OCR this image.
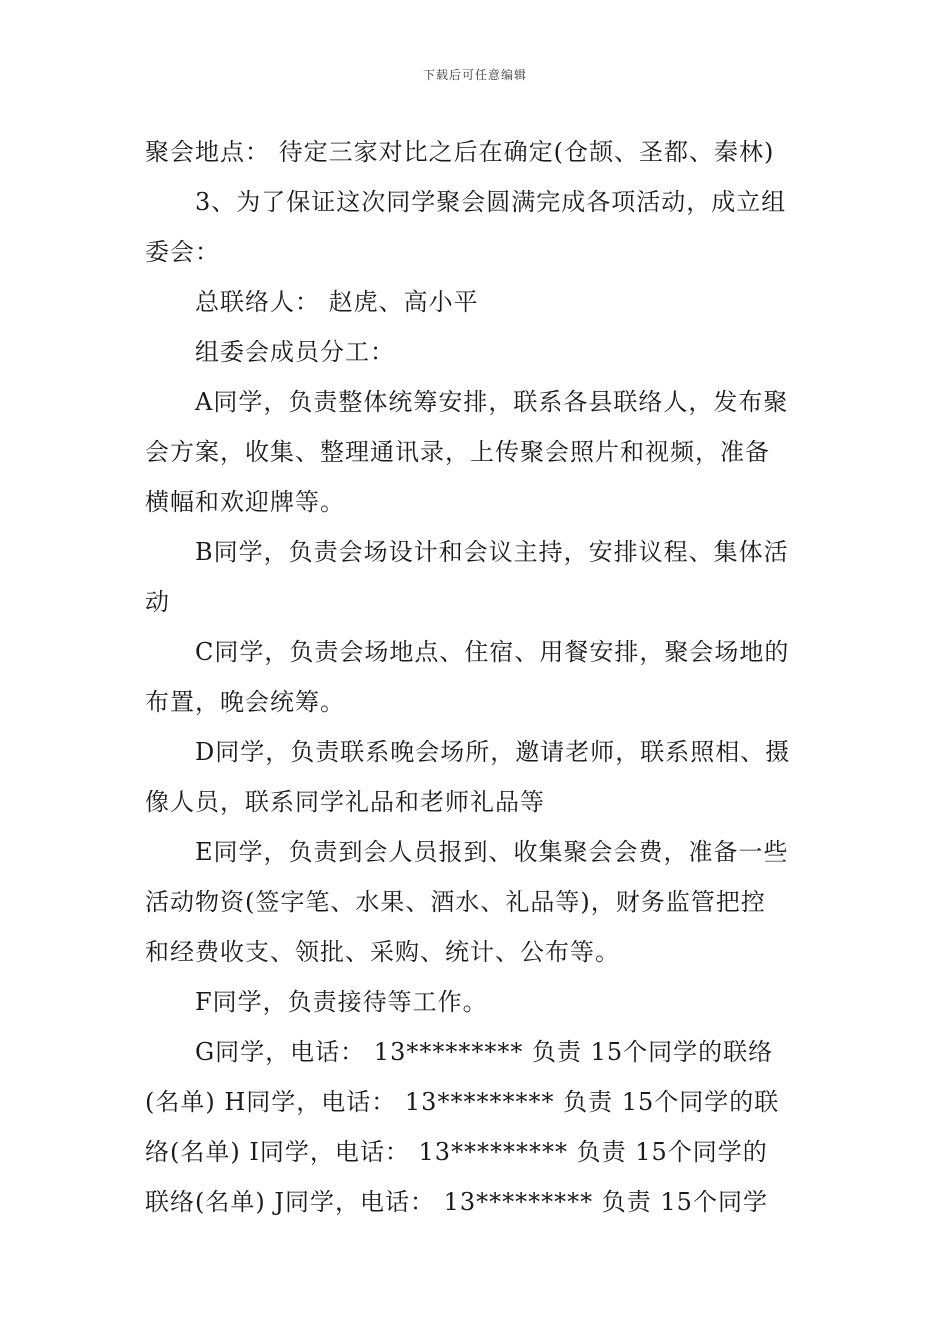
下载后可任意编辑
聚会地点： 待定三家对比之后在确定(仓颉、圣都、秦林)
3、为了保证这次同学聚会圆满完成各项活动，成立组
委会：
总联络人： 赵虎、高小平
组委会成员分工：
A同学，负责整体统筹安排，联系各县联络人，发布聚
会方案，收集、整理通讯录，上传聚会照片和视频，准备
横幅和欢迎牌等。
B同学，负责会场设计和会议主持，安排议程、集体活
动
C同学，负责会场地点、住宿、用餐安排，聚会场地的
布置，晚会统筹。
D同学，负责联系晚会场所，邀请老师，联系照相、摄
像人员，联系同学礼品和老师礼品等
E同学，负责到会人员报到、收集聚会会费，准备一些
活动物资(签字笔、水果、酒水、礼品等)，财务监管把控
和经费收支、领批、采购、统计、公布等。
F同学，负责接待等工作。
G同学，电话： 13********* 负责 15个同学的联络
(名单) H同学，电话： 13********* 负责 15个同学的联
络(名单) I同学，电话： 13********* 负责 15个同学的
联络(名单) J同学，电话： 13********* 负责 15个同学
